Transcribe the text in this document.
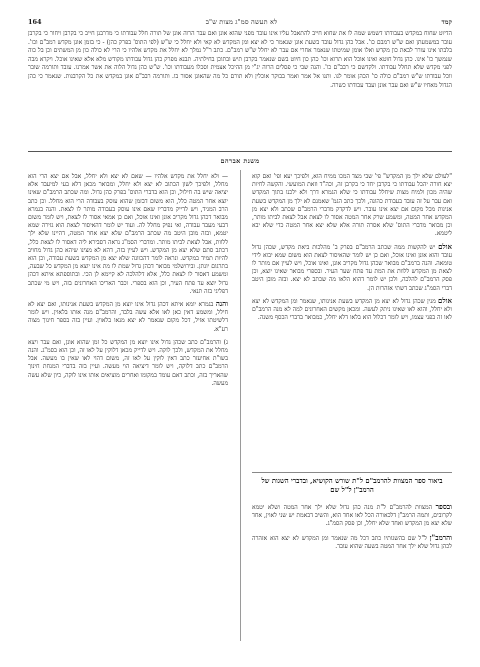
קמד
לא תעשה סמ"ג מצות ש"ב
164
הדיוט שחוח במקדש בעבודתו דשמש שמה לו את שחוא חייב להתאבל עליו אינו עובד מפני שהוא אונן ואם עבר הרוה אונן של תורה חלל עבודתו כי מדרבנן חייב כי בקרבן ויחור כי בקרבן עובר במשמעתן ואם ש"ש רמבם כו'. אבל כהן גדול עובד בשעת אונן שנאמר כי לא יצא ומן המקדש לא קאי ולא יחלל כי ש"ש (לפי התוס' בפרק כהן) - כי בזמן אונן מקדש רמב"ם וכו'. בלבתו אינו עורר לבאת כון מקדש ואלו אומן שמיטתו שנאמר אחרי אם עבר לא יחלל ש"ש רמב"ם. כתב ר"ל נמלך לא יחלל את מקדש אלהיו כי הרי לא כולה כון מן המשתים וכן בל כוה שנמשך כו' אינו. כהן גדול חוטא ואינו אוכל הוא תרוא וכו' כהן כון חיוט בשם שנאמר בקרבן תיש ובתוכן בחילתיה. תבנא מפרק כהן גדול עבודתו מקודש מלא אלא שאינו אוכל. ויקרא מבה לפני מקדש שלא תחלל עבודתו. ולקדשם כי רבב"ם כו'. והנה שבי כי פסלים הרוה יג"י מן ההיכל אצמית וסכלו מעבודתו וכו'. ש"ש כהן גדול הלוה את אשר אמרנו. עובד ותורמה שובר ווכל עבודתו ש"ש רמב"ם כולה כו' הכהן אומר לנו. ותנו אל אמר ואמר בבוקר אוכלין ולא תורם כל מה שהאונן אסור בו. ותורמה רבב"ם אונן במקדש את כל הקרבנות. שנאמר כי כהן הגדול מאחיו ש"ש ואם עבר אונן ועבד עבודתו כשרה.
משנת אברהם

"לעולם שלא ילך מן המקדש" פי' שבי מצד המכו ממיח הוא, ולפיכך יעא ופי' ואם קוא יצא חורה יהכל עבודתו כי בקרבן יחד כי בקרבן זה, וכה"ד וזאת המועשי. והקשה לחיות שהיה מכון ולמיח מצות שיחלל עבודתו כי שלא הגמרא דרך ולא ילכנו בתוך המקדש ואם עבר על זה עובד בעבודת כהונה, ולכך כתב הגמ' שאמנם לא ילך מן המקדש בשעת אנינות מכל מקום אם יצא אינו עובר. ויש לדקדק מדברי הרמב"ם שכתב ולא יצא מן המקדש אחר המטה, ומשמע שרק אחר המטה אסור לו לצאת אבל לצאת לביתו מותר, וכן מבואר מדברי התוס' שלא אסרה תורה אלא שלא יצא אחר המטה כדי שלא יבא ליטמא.

אולם יש להקשות ממה שכתב הרמב"ם בפרק ב' מהלכות ביאת מקדש, שכהן גדול עובד והוא אונן ואינו אוכל, ואם כן יש לומר שהאיסור לצאת הוא משום שמא יבוא לידי טומאה. והנה ברמב"ם מבואר שכהן גדול מקריב אונן, ואינו אוכל, ויש לעיין אם מותר לו לצאת מן המקדש ללוות את המת עד פתח שער העיר. ובספרי מבואר שאינו יוצא, וכן פסק הרמב"ם להלכה, ולכן יש לומר דהוא הלאו מה שכתב לא יצא. ובזה מובן היטב דברי הסמ"ג שכתב דשתי אזהרות הן.

אולם מנין שכהן גדול לא יצא מן המקדש בשעת אנינותו, שנאמר ומן המקדש לא יצא ולא יחלל, והוא לאו שאינו ניתק לעשה. ומכאן מקשים האחרונים למה לא מנה הרמב"ם לאו זה בפני עצמו, ויש לומר דכלול הוא בלאו דלא יחלל, כמבואר בדברי הכסף משנה.

ביאור ספר המצוות להרמב"ם ל"ת שורש הקושיא, ובדברי השגות של הרמב"ן ל"ל שם

ובספר המצוות להרמב"ם ל"ת מנה כהן גדול שלא ילך אחר המטה ושלא יטמא לקרובים, ותמה הרמב"ן דלכאורה הכל לאו אחד הוא, והשיב דבאמת יש שני לאוין, אחד שלא יצא מן המקדש ואחד שלא יחלל, וכן פסק הסמ"ג.

והרמב"ן ל"ל שם בהשגותיו כתב דכל מה שנאמר ומן המקדש לא יצא הוא אזהרה לכהן גדול שלא ילך אחר המטה בשעה שהוא עובד.

— ולא יחלל את מקדש אלהיו — שאם לא יצא ולא יחלל, אבל אם יצא הרי הוא מחלל, ולפיכך לשון הכתוב לא יצא ולא יחלל, ומבואר מכאן דלא בעי למיעבד אלא יציאה שיש בה חילול, וכן הוא בדברי התוס' בפרק כהן גדול. ומה שכתב הרמב"ם שאינו יוצא אחר המטה כלל, הוא משום דבזמן שהוא עוסק בעבודה הרי הוא מחלל. וכן כתב הרב המגיד, ויש לדייק מדבריו שאם אינו עוסק בעבודה מותר לו לצאת. והנה בגמרא מבואר דכהן גדול מקריב אונן ואינו אוכל, ואם כן אמאי אסור לו לצאת, ויש לומר משום דבעי מעבד עבודה, ואי נפיק מחלל לה. ועוד יש לומר דהאיסור לצאת הוא גזירה שמא יטמא, ובזה מובן היטב מה שכתב הרמב"ם שלא יצא אחר המטה, דהיינו שלא ילך ללוות, אבל לצאת לביתו מותר. ומדברי הסמ"ג נראה דסבירא ליה דאסור לו לצאת כלל, דכתב סתם שלא יצא מן המקדש. ויש לעיין בזה, דהא לא מצינו שיהא כהן גדול מחויב להיות תמיד במקדש. ונראה לומר דהכוונה שלא יצא מן המקדש בשעת עבודה, וכן הוא בתרגום יונתן. ובירושלמי מבואר דכהן גדול שמת לו מת אינו יוצא מן המקדש כל שבעה, ומשמע דאסור לו לצאת כלל, אלא דלהלכה לא קיימא לן הכי. ובתוספתא איתא דכהן גדול יוצא עד פתח העיר, וכן הוא בספרי. וכבר האריכו האחרונים בזה, ויש מי שכתב דפליגי בזה תנאי.

והנה בגמרא יומא איתא דכהן גדול אינו יוצא מן המקדש בשעת אנינותו, ואם יצא לא חילל, ומשמע דאין כאן לאו אלא עשה בלבד, והרמב"ם מנה אותו בלאוין. ויש לומר דלשיטתו אזיל, דכל מקום שנאמר לא יצא מנאו בלאוין. ועיין בזה בספר חינוך מצוה רע"א.

ג) והרמב"ם כתב שכהן גדול אינו יוצא מן המקדש כל זמן שהוא אונן, ואם עבר ויצא מחלל את המקדש, ולכך לוקה. ויש לדייק מכאן דלוקין על לאו זה, וכן הוא בסמ"ג. והנה בשו"ת אחיעזר כתב דאין לוקין על לאו זה, משום דהוי לאו שאין בו מעשה. אבל הרמב"ם כתב דלוקה, ויש לומר דיציאה הוי מעשה. ועיין בזה בדברי המנחת חינוך שהאריך בזה, וכתב דאם עומד במקומו ואחרים מוציאים אותו אינו לוקה, כיון שלא עשה מעשה.
